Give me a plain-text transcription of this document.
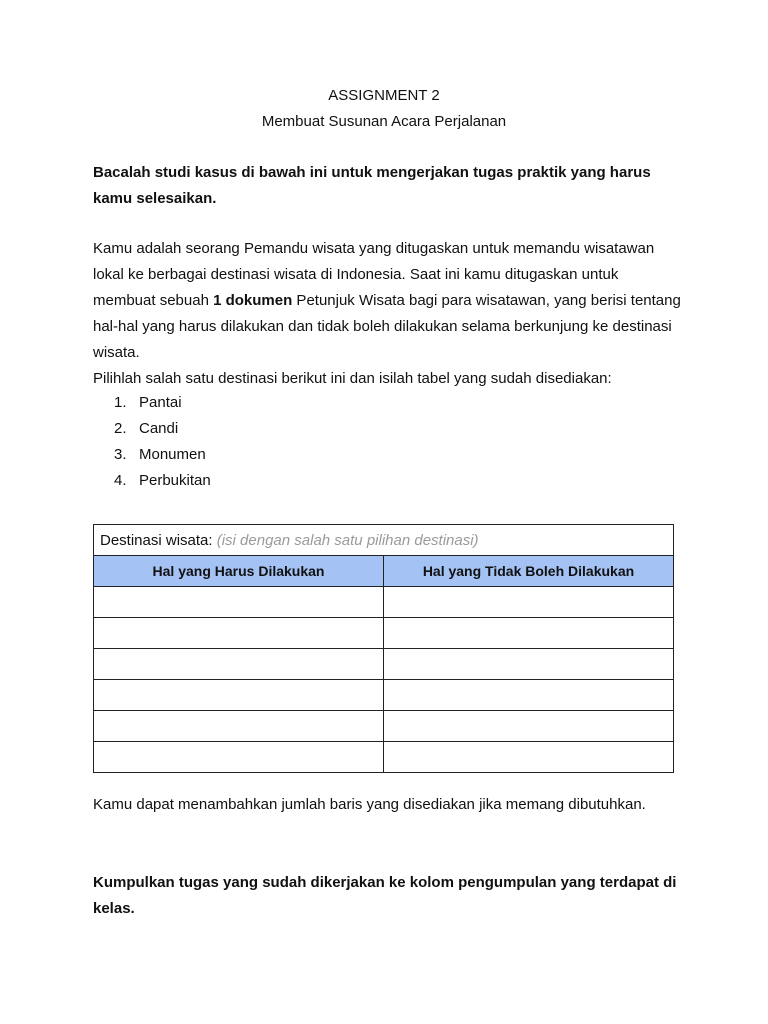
ASSIGNMENT 2
Membuat Susunan Acara Perjalanan
Bacalah studi kasus di bawah ini untuk mengerjakan tugas praktik yang harus kamu selesaikan.

Kamu adalah seorang Pemandu wisata yang ditugaskan untuk memandu wisatawan lokal ke berbagai destinasi wisata di Indonesia. Saat ini kamu ditugaskan untuk membuat sebuah 1 dokumen Petunjuk Wisata bagi para wisatawan, yang berisi tentang hal-hal yang harus dilakukan dan tidak boleh dilakukan selama berkunjung ke destinasi wisata.

Pilihlah salah satu destinasi berikut ini dan isilah tabel yang sudah disediakan:

1. Pantai
2. Candi
3. Monumen
4. Perbukitan
Destinasi wisata: (isi dengan salah satu pilihan destinasi)	
Hal yang Harus Dilakukan	Hal yang Tidak Boleh Dilakukan

Kamu dapat menambahkan jumlah baris yang disediakan jika memang dibutuhkan.
Kumpulkan tugas yang sudah dikerjakan ke kolom pengumpulan yang terdapat di kelas.
